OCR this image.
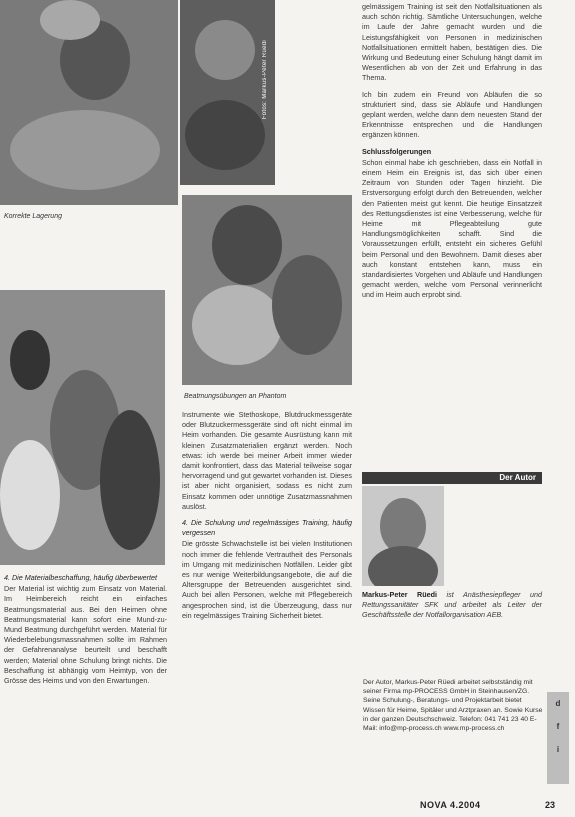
Korrekte Lagerung
Fotos: Markus-Peter Rüedi
Beatmungsübungen an Phantom

4. Die Materialbeschaffung, häufig überbewertet

Der Material ist wichtig zum Einsatz von Material. Im Heimbereich reicht ein einfaches Beatmungsmaterial aus. Bei den Heimen ohne Beatmungsmaterial kann sofort eine Mund-zu-Mund Beatmung durchgeführt werden. Material für Wiederbelebungsmassnahmen sollte im Rahmen der Gefahrenanalyse beurteilt und beschafft werden; Material ohne Schulung bringt nichts. Die Beschaffung ist abhängig vom Heimtyp, von der Grösse des Heims und von den Erwartungen.

Instrumente wie Stethoskope, Blutdruckmessgeräte oder Blutzuckermessgeräte sind oft nicht einmal im Heim vorhanden. Die gesamte Ausrüstung kann mit kleinen Zusatzmaterialien ergänzt werden. Noch etwas: ich werde bei meiner Arbeit immer wieder damit konfrontiert, dass das Material teilweise sogar hervorragend und gut gewartet vorhanden ist. Dieses ist aber nicht organisiert, sodass es nicht zum Einsatz kommen oder unnötige Zusatzmassnahmen auslöst.

4. Die Schulung und regelmässiges Training, häufig vergessen

Die grösste Schwachstelle ist bei vielen Institutionen noch immer die fehlende Vertrautheit des Personals im Umgang mit medizinischen Notfällen. Leider gibt es nur wenige Weiterbildungsangebote, die auf die Altersgruppe der Betreuenden ausgerichtet sind. Auch bei allen Personen, welche mit Pflegebereich angesprochen sind, ist die Überzeugung, dass nur ein regelmässiges Training Sicherheit bietet.

gelmässigem Training ist seit den Notfallsituationen als auch schön richtig. Sämtliche Untersuchungen, welche im Laufe der Jahre gemacht wurden und die Leistungsfähigkeit von Personen in medizinischen Notfallsituationen ermittelt haben, bestätigen dies. Die Wirkung und Bedeutung einer Schulung hängt damit im Wesentlichen ab von der Zeit und Erfahrung in das Thema.

Ich bin zudem ein Freund von Abläufen die so strukturiert sind, dass sie Abläufe und Handlungen geplant werden, welche dann dem neuesten Stand der Erkenntnisse entsprechen und die Handlungen ergänzen können.

Schlussfolgerungen

Schon einmal habe ich geschrieben, dass ein Notfall in einem Heim ein Ereignis ist, das sich über einen Zeitraum von Stunden oder Tagen hinzieht. Die Erstversorgung erfolgt durch den Betreuenden, welcher den Patienten meist gut kennt. Die heutige Einsatzzeit des Rettungsdienstes ist eine Verbesserung, welche für Heime mit Pflegeabteilung gute Handlungsmöglichkeiten schafft. Sind die Voraussetzungen erfüllt, entsteht ein sicheres Gefühl beim Personal und den Bewohnern. Damit dieses aber auch konstant entstehen kann, muss ein standardisiertes Vorgehen und Abläufe und Handlungen gemacht werden, welche vom Personal verinnerlicht und im Heim auch erprobt sind.

Der Autor
Markus-Peter Rüedi ist Anästhesiepfleger und Rettungssanitäter SFK und arbeitet als Leiter der Geschäftsstelle der Notfallorganisation AEB.
Der Autor, Markus-Peter Rüedi arbeitet selbstständig mit seiner Firma mp-PROCESS GmbH in Steinhausen/ZG. Seine Schulung-, Beratungs- und Projektarbeit bietet Wissen für Heime, Spitäler und Arztpraxen an. Sowie Kurse in der ganzen Deutschschweiz. Telefon: 041 741 23 40 E-Mail: info@mp-process.ch www.mp-process.ch
d
f
i
NOVA 4.2004	23
